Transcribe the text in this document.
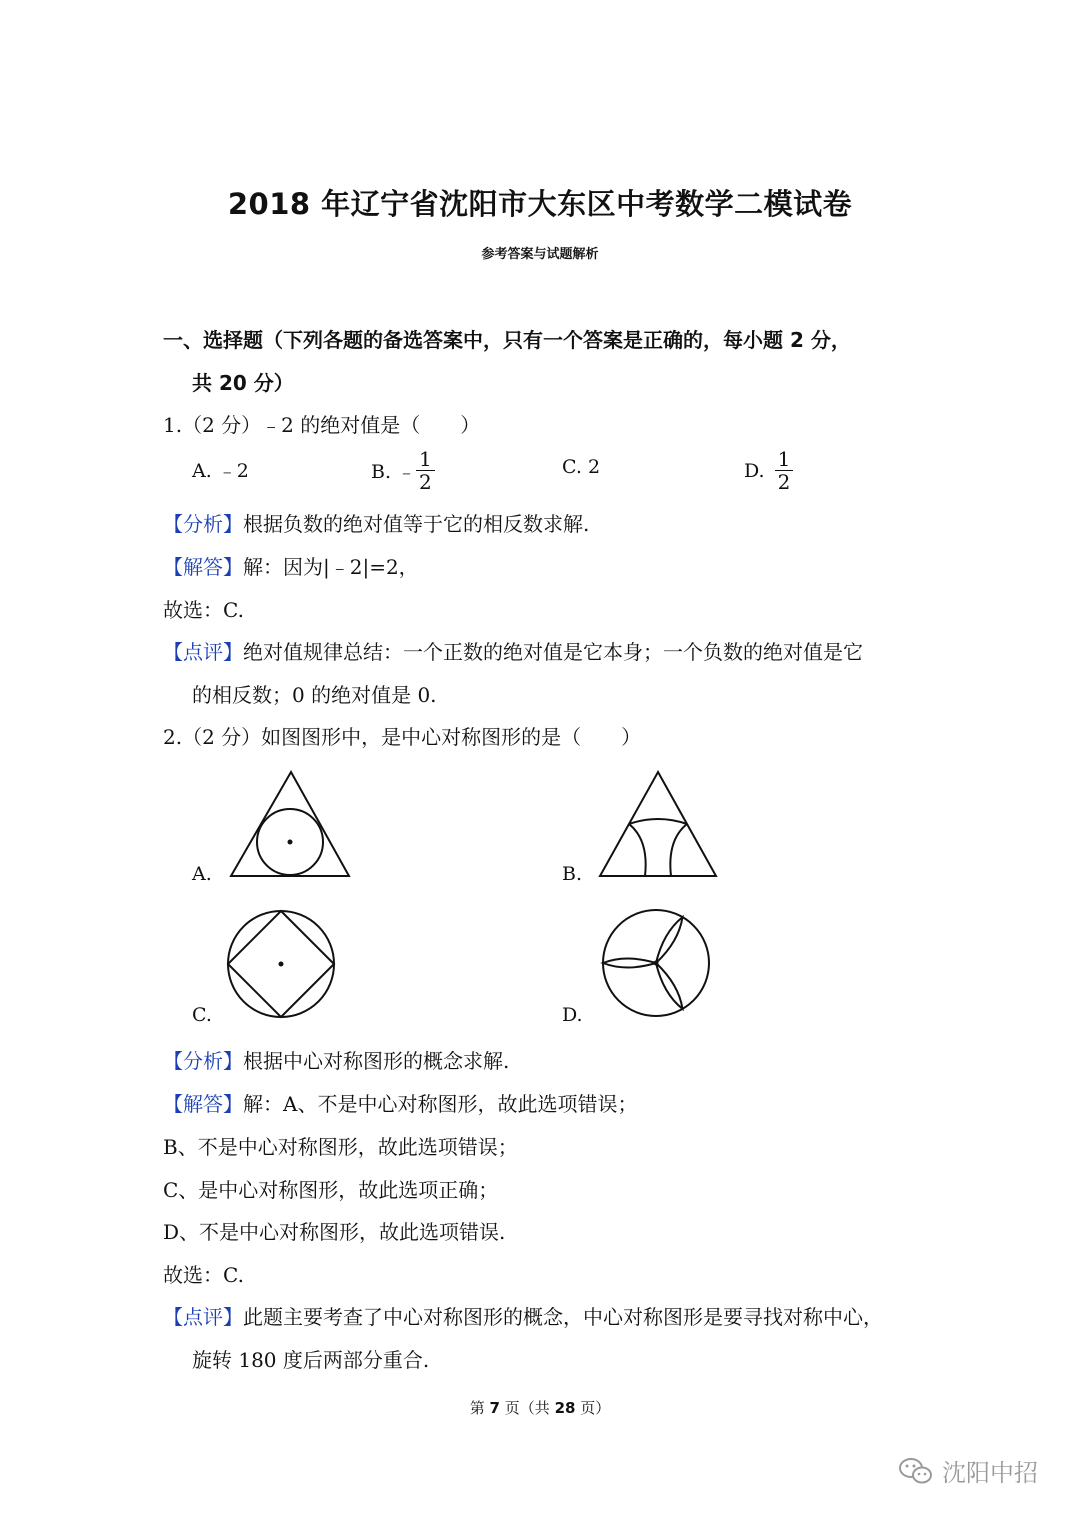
2018 年辽宁省沈阳市大东区中考数学二模试卷
参考答案与试题解析
一、选择题（下列各题的备选答案中，只有一个答案是正确的，每小题 2 分，
共 20 分）
1.（2 分）﹣2 的绝对值是（　　）
A. ﹣2	B. ﹣ $\frac{1}{2}$	C. 2	D. $\frac{1}{2}$
【分析】根据负数的绝对值等于它的相反数求解.
【解答】解：因为|﹣2|=2，
故选：C.
【点评】绝对值规律总结：一个正数的绝对值是它本身；一个负数的绝对值是它
的相反数；0 的绝对值是 0.
2.（2 分）如图图形中，是中心对称图形的是（　　）
A.	B.
C.	D.
【分析】根据中心对称图形的概念求解.
【解答】解：A、不是中心对称图形，故此选项错误；
B、不是中心对称图形，故此选项错误；
C、是中心对称图形，故此选项正确；
D、不是中心对称图形，故此选项错误.
故选：C.
【点评】此题主要考查了中心对称图形的概念，中心对称图形是要寻找对称中心，
旋转 180 度后两部分重合.
第 7 页（共 28 页）
沈阳中招
